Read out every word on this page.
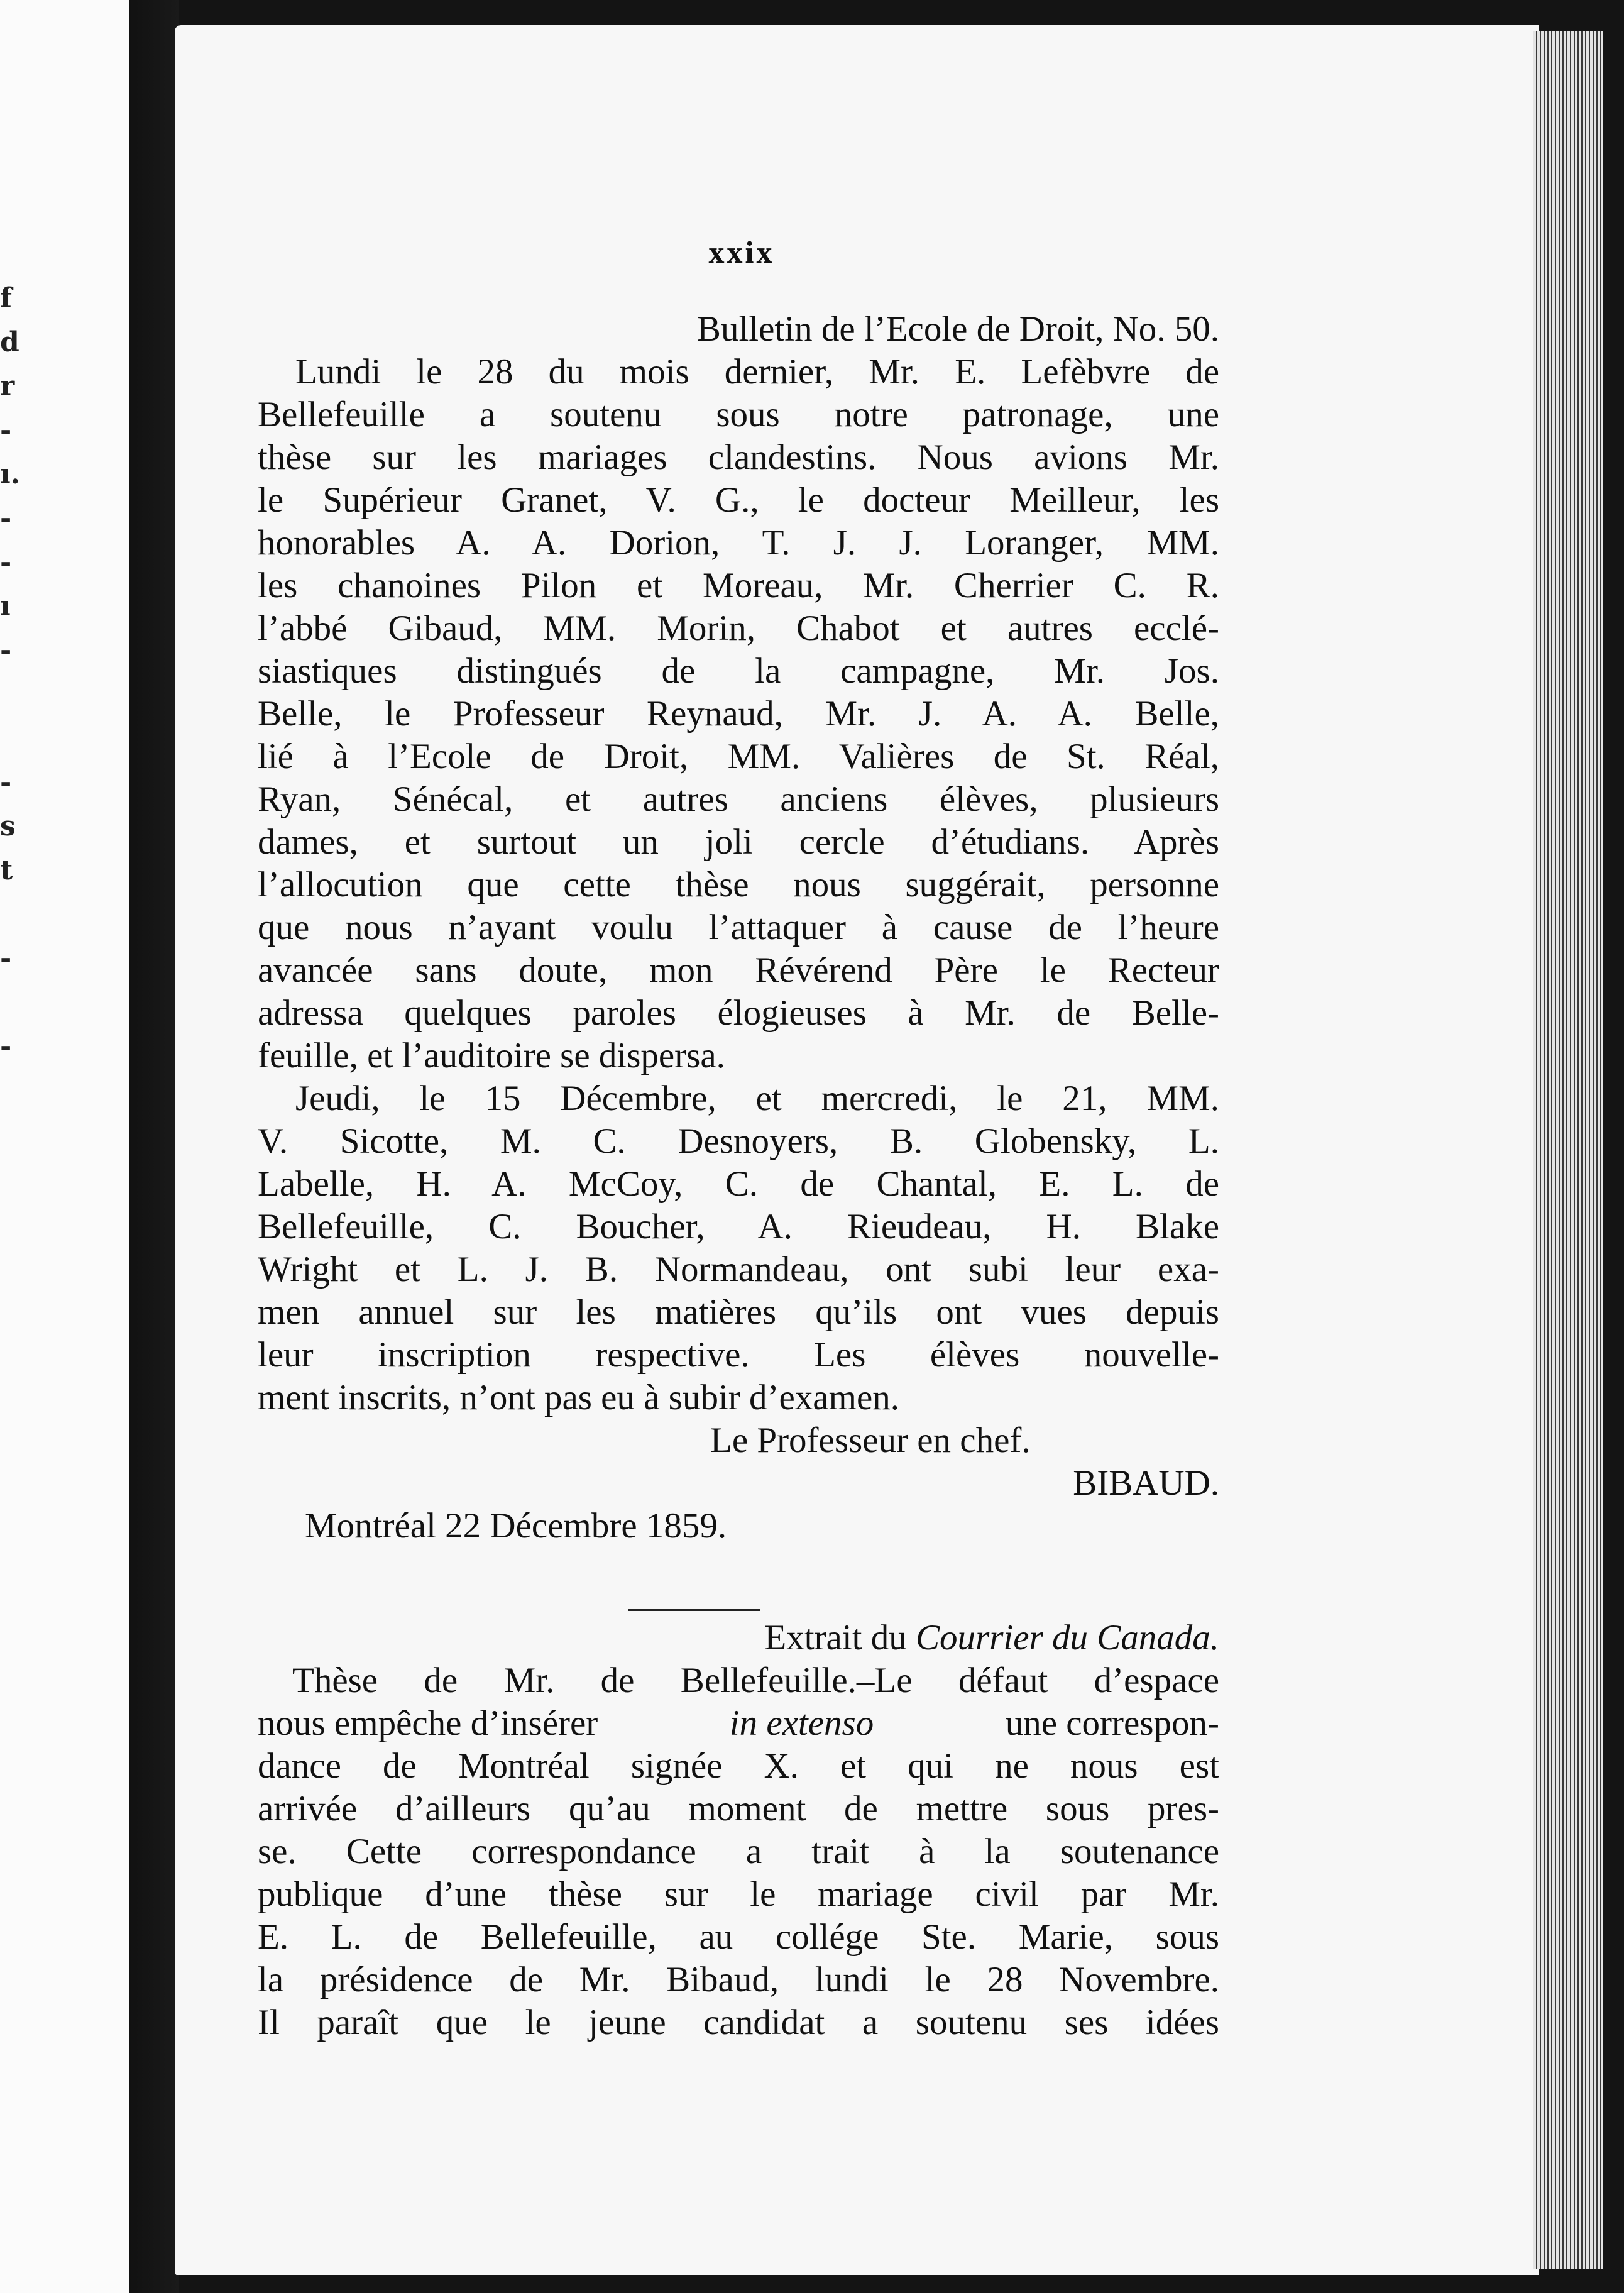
f
d
r
-
ı.
-
-
ı
-
-
s
t
-
-
xxix
Bulletin de l’Ecole de Droit, No. 50.
Lundi le 28 du mois dernier, Mr. E. Lefèbvre de
Bellefeuille a soutenu sous notre patronage, une
thèse sur les mariages clandestins. Nous avions Mr.
le Supérieur Granet, V. G., le docteur Meilleur, les
honorables A. A. Dorion, T. J. J. Loranger, MM.
les chanoines Pilon et Moreau, Mr. Cherrier C. R.
l’abbé Gibaud, MM. Morin, Chabot et autres ecclé-
siastiques distingués de la campagne, Mr. Jos.
Belle, le Professeur Reynaud, Mr. J. A. A. Belle,
lié à l’Ecole de Droit, MM. Valières de St. Réal,
Ryan, Sénécal, et autres anciens élèves, plusieurs
dames, et surtout un joli cercle d’étudians. Après
l’allocution que cette thèse nous suggérait, personne
que nous n’ayant voulu l’attaquer à cause de l’heure
avancée sans doute, mon Révérend Père le Recteur
adressa quelques paroles élogieuses à Mr. de Belle-
feuille, et l’auditoire se dispersa.
Jeudi, le 15 Décembre, et mercredi, le 21, MM.
V. Sicotte, M. C. Desnoyers, B. Globensky, L.
Labelle, H. A. McCoy, C. de Chantal, E. L. de
Bellefeuille, C. Boucher, A. Rieudeau, H. Blake
Wright et L. J. B. Normandeau, ont subi leur exa-
men annuel sur les matières qu’ils ont vues depuis
leur inscription respective. Les élèves nouvelle-
ment inscrits, n’ont pas eu à subir d’examen.
Le Professeur en chef.
BIBAUD.
Montréal 22 Décembre 1859.
Extrait du Courrier du Canada.
Thèse de Mr. de Bellefeuille.–Le défaut d’espace
nous empêche d’insérer	in extenso	une correspon-
dance de Montréal signée X. et qui ne nous est
arrivée d’ailleurs qu’au moment de mettre sous pres-
se. Cette correspondance a trait à la soutenance
publique d’une thèse sur le mariage civil par Mr.
E. L. de Bellefeuille, au collége Ste. Marie, sous
la présidence de Mr. Bibaud, lundi le 28 Novembre.
Il paraît que le jeune candidat a soutenu ses idées
